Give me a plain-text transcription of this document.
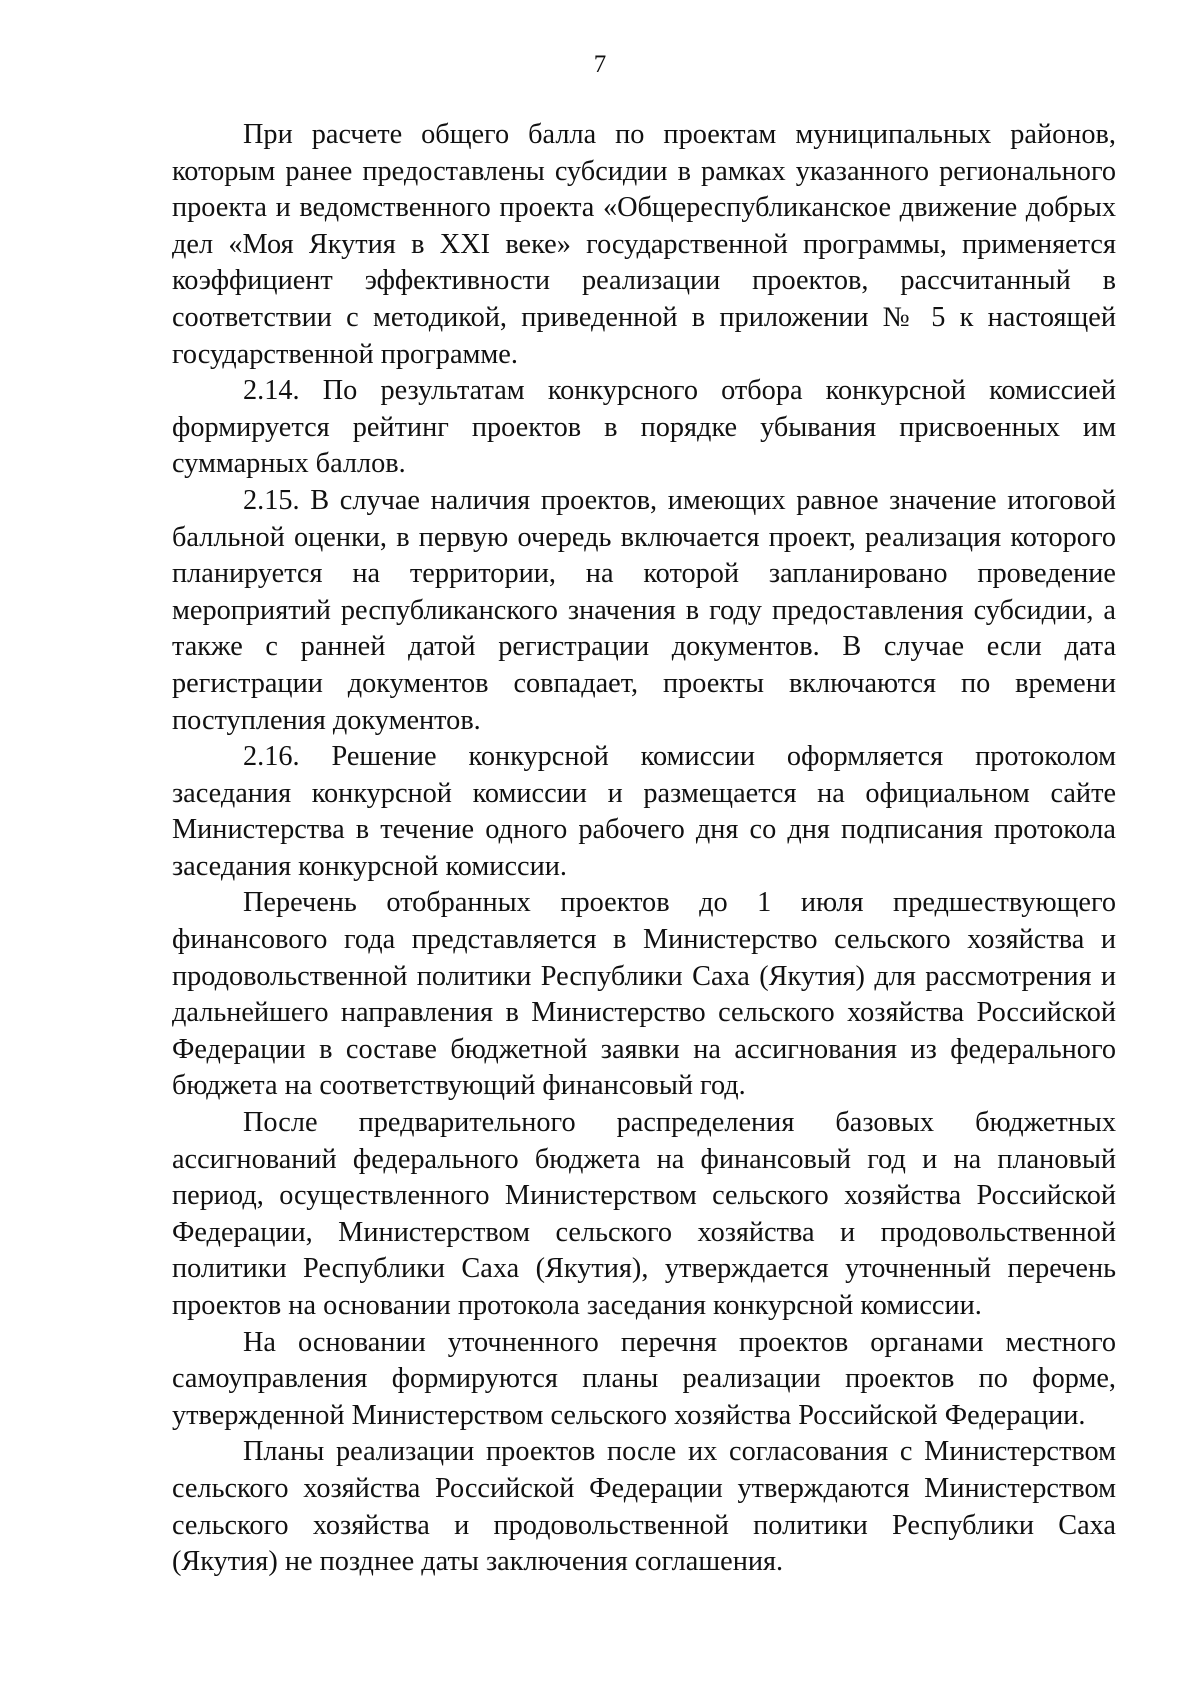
7

При расчете общего балла по проектам муниципальных районов, которым ранее предоставлены субсидии в рамках указанного регионального проекта и ведомственного проекта «Общереспубликанское движение добрых дел «Моя Якутия в XXI веке» государственной программы, применяется коэффициент эффективности реализации проектов, рассчитанный в соответствии с методикой, приведенной в приложении № 5 к настоящей государственной программе.

2.14. По результатам конкурсного отбора конкурсной комиссией формируется рейтинг проектов в порядке убывания присвоенных им суммарных баллов.

2.15. В случае наличия проектов, имеющих равное значение итоговой балльной оценки, в первую очередь включается проект, реализация которого планируется на территории, на которой запланировано проведение мероприятий республиканского значения в году предоставления субсидии, а также с ранней датой регистрации документов. В случае если дата регистрации документов совпадает, проекты включаются по времени поступления документов.

2.16. Решение конкурсной комиссии оформляется протоколом заседания конкурсной комиссии и размещается на официальном сайте Министерства в течение одного рабочего дня со дня подписания протокола заседания конкурсной комиссии.

Перечень отобранных проектов до 1 июля предшествующего финансового года представляется в Министерство сельского хозяйства и продовольственной политики Республики Саха (Якутия) для рассмотрения и дальнейшего направления в Министерство сельского хозяйства Российской Федерации в составе бюджетной заявки на ассигнования из федерального бюджета на соответствующий финансовый год.

После предварительного распределения базовых бюджетных ассигнований федерального бюджета на финансовый год и на плановый период, осуществленного Министерством сельского хозяйства Российской Федерации, Министерством сельского хозяйства и продовольственной политики Республики Саха (Якутия), утверждается уточненный перечень проектов на основании протокола заседания конкурсной комиссии.

На основании уточненного перечня проектов органами местного самоуправления формируются планы реализации проектов по форме, утвержденной Министерством сельского хозяйства Российской Федерации.

Планы реализации проектов после их согласования с Министерством сельского хозяйства Российской Федерации утверждаются Министерством сельского хозяйства и продовольственной политики Республики Саха (Якутия) не позднее даты заключения соглашения.
